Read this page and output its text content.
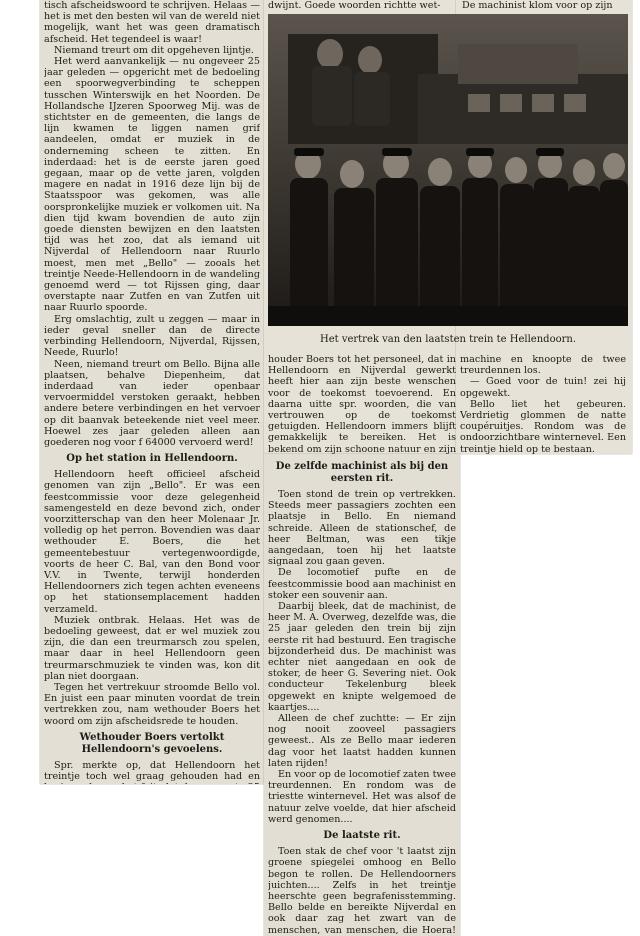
tisch afscheidswoord te schrijven. Helaas — het is met den besten wil van de wereld niet mogelijk, want het was geen dramatisch afscheid. Het tegendeel is waar!

Niemand treurt om dit opgeheven lijntje.

Het werd aanvankelijk — nu ongeveer 25 jaar geleden — opgericht met de bedoeling een spoorwegverbinding te scheppen tusschen Winterswijk en het Noorden. De Hollandsche IJzeren Spoorweg Mij. was de stichtster en de gemeenten, die langs de lijn kwamen te liggen namen grif aandeelen, omdat er muziek in de onderneming scheen te zitten. En inderdaad: het is de eerste jaren goed gegaan, maar op de vette jaren, volgden magere en nadat in 1916 deze lijn bij de Staatsspoor was gekomen, was alle oorspronkelijke muziek er volkomen uit. Na dien tijd kwam bovendien de auto zijn goede diensten bewijzen en den laatsten tijd was het zoo, dat als iemand uit Nijverdal of Hellendoorn naar Ruurlo moest, men met „Bello" — zooals het treintje Neede-Hellendoorn in de wandeling genoemd werd — tot Rijssen ging, daar overstapte naar Zutfen en van Zutfen uit naar Ruurlo spoorde.

Erg omslachtig, zult u zeggen — maar in ieder geval sneller dan de directe verbinding Hellendoorn, Nijverdal, Rijssen, Neede, Ruurlo!

Neen, niemand treurt om Bello. Bijna alle plaatsen, behalve Diepenheim, dat inderdaad van ieder openbaar vervoermiddel verstoken geraakt, hebben andere betere verbindingen en het vervoer op dit baanvak beteekende niet veel meer. Hoewel zes jaar geleden alleen aan goederen nog voor f 64000 vervoerd werd!

Op het station in Hellendoorn.

Hellendoorn heeft officieel afscheid genomen van zijn „Bello". Er was een feestcommissie voor deze gelegenheid samengesteld en deze bevond zich, onder voorzitterschap van den heer Molenaar Jr. volledig op het perron. Bovendien was daar wethouder E. Boers, die het gemeentebestuur vertegenwoordigde, voorts de heer C. Bal, van den Bond voor V.V. in Twente, terwijl honderden Hellendoorners zich tegen achten eveneens op het stationsemplacement hadden verzameld.

Muziek ontbrak. Helaas. Het was de bedoeling geweest, dat er wel muziek zou zijn, die dan een treurmarsch zou spelen, maar daar in heel Hellendoorn geen treurmarschmuziek te vinden was, kon dit plan niet doorgaan.

Tegen het vertrekuur stroomde Bello vol. En juist een paar minuten voordat de trein vertrekken zou, nam wethouder Boers het woord om zijn afscheidsrede te houden.

Wethouder Boers vertolkt Hellendoorn's gevoelens.

Spr. merkte op, dat Hellendoorn het treintje toch wel graag gehouden had en

dwijnt. Goede woorden richtte wet-	De machinist klom voor op zijn

Het vertrek van den laatsten trein te Hellendoorn.

houder Boers tot het personeel, dat in Hellendoorn en Nijverdal gewerkt heeft hier aan zijn beste wenschen voor de toekomst toevoerend. En daarna uitte spr. woorden, die van vertrouwen op de toekomst getuigden. Hellendoorn immers blijft gemakkelijk te bereiken. Het is bekend om zijn schoone natuur en zijn

machine en knoopte de twee treurdennen los.

— Goed voor de tuin! zei hij opgewekt.

Bello liet het gebeuren. Verdrietig glommen de natte coupéruitjes. Rondom was de ondoorzichtbare winternevel. Een treintje hield op te bestaan.

De zelfde machinist als bij den eersten rit.

Toen stond de trein op vertrekken. Steeds meer passagiers zochten een plaatsje in Bello. En niemand schreide. Alleen de stationschef, de heer Beltman, was een tikje aangedaan, toen hij het laatste signaal zou gaan geven.

De locomotief pufte en de feestcommissie bood aan machinist en stoker een souvenir aan.

Daarbij bleek, dat de machinist, de heer M. A. Overweg, dezelfde was, die 25 jaar geleden den trein bij zijn eerste rit had bestuurd. Een tragische bijzonderheid dus. De machinist was echter niet aangedaan en ook de stoker, de heer G. Severing niet. Ook conducteur Tekelenburg bleek opgewekt en knipte welgemoed de kaartjes....

Alleen de chef zuchtte: — Er zijn nog nooit zooveel passagiers geweest.. Als ze Bello maar iederen dag voor het laatst hadden kunnen laten rijden!

En voor op de locomotief zaten twee treurdennen. En rondom was de triestte winternevel. Het was alsof de natuur zelve voelde, dat hier afscheid werd genomen....

De laatste rit.

Toen stak de chef voor 't laatst zijn groene spiegelei omhoog en Bello begon te rollen. De Hellendoorners juichten.... Zelfs in het treintje heerschte geen begrafenisstemming. Bello belde en bereikte Nijverdal en ook daar zag het zwart van de menschen, van menschen, die Hoera!
